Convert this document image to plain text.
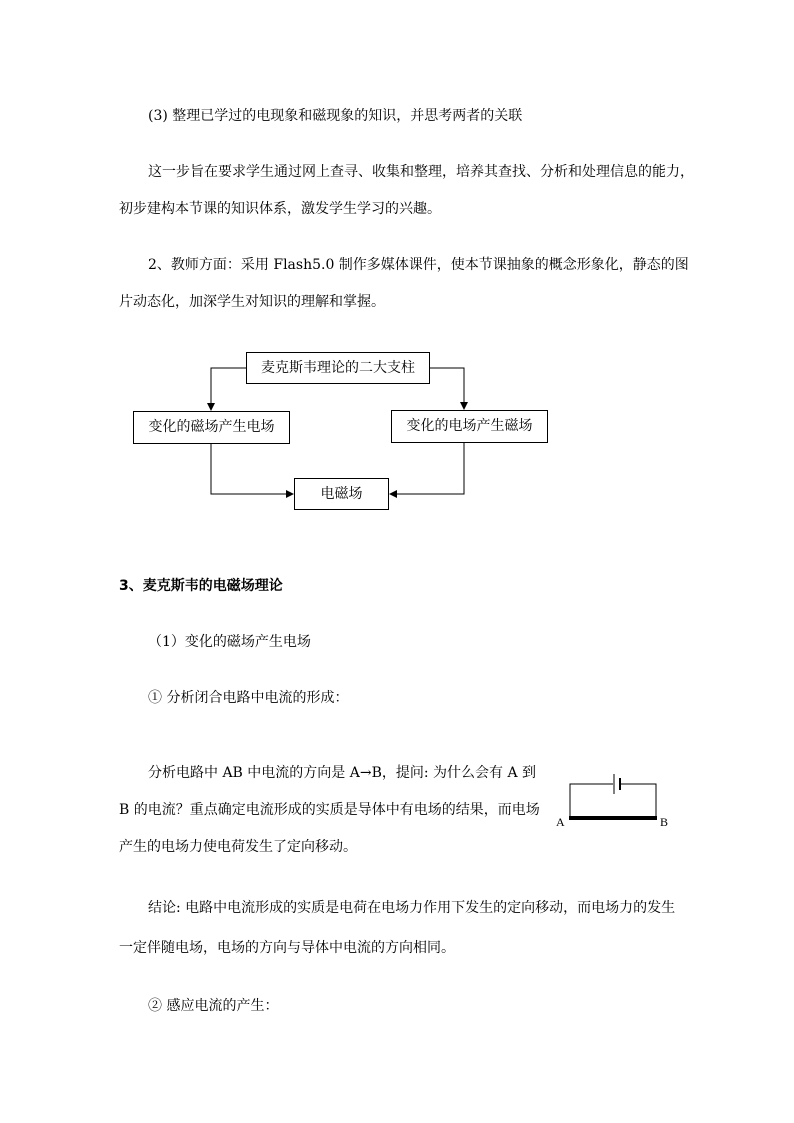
(3) 整理已学过的电现象和磁现象的知识，并思考两者的关联
这一步旨在要求学生通过网上查寻、收集和整理，培养其查找、分析和处理信息的能力，
初步建构本节课的知识体系，激发学生学习的兴趣。
2、教师方面：采用 Flash5.0 制作多媒体课件，使本节课抽象的概念形象化，静态的图
片动态化，加深学生对知识的理解和掌握。
麦克斯韦理论的二大支柱
变化的磁场产生电场	变化的电场产生磁场
电磁场
3、麦克斯韦的电磁场理论
（1）变化的磁场产生电场
① 分析闭合电路中电流的形成：
分析电路中 AB 中电流的方向是 A→B，提问: 为什么会有 A 到
B 的电流？重点确定电流形成的实质是导体中有电场的结果，而电场
产生的电场力使电荷发生了定向移动。
A	B
结论: 电路中电流形成的实质是电荷在电场力作用下发生的定向移动，而电场力的发生
一定伴随电场，电场的方向与导体中电流的方向相同。
② 感应电流的产生：
